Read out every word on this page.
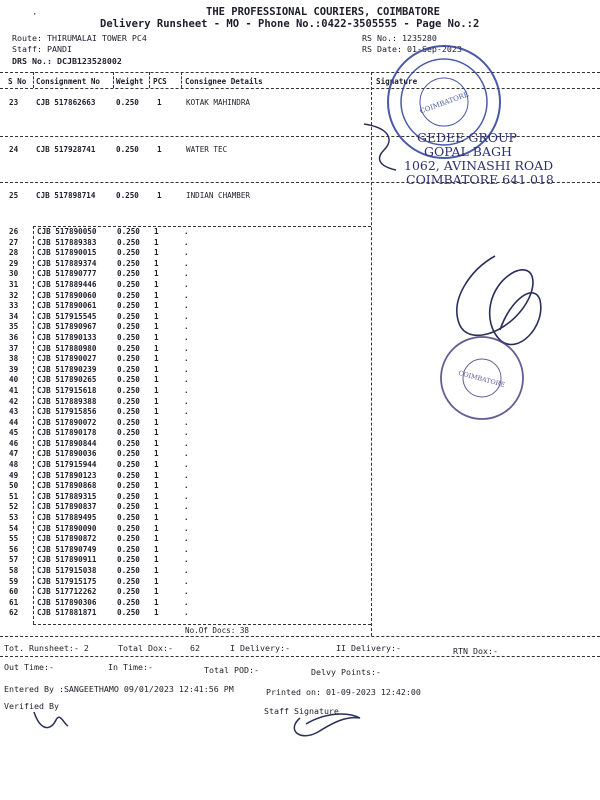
·	THE PROFESSIONAL COURIERS, COIMBATORE
Delivery Runsheet - MO - Phone No.:0422-3505555 - Page No.:2
Route: THIRUMALAI TOWER PC4
Staff: PANDI
DRS No.: DCJB123528002
RS No.: 1235280
RS Date: 01-Sep-2023
S No Consignment No Weight PCS Consignee Details	Signature
23 CJB 517862663	0.250 1	KOTAK MAHINDRA
24 CJB 517928741	0.250 1	WATER TEC
25 CJB 517898714	0.250 1	INDIAN CHAMBER
26	CJB 517890050	0.250	1	.
27	CJB 517889383	0.250	1	.
28	CJB 517890015	0.250	1	.
29	CJB 517889374	0.250	1	.
30	CJB 517890777	0.250	1	.
31	CJB 517889446	0.250	1	.
32	CJB 517890060	0.250	1	.
33	CJB 517890061	0.250	1	.
34	CJB 517915545	0.250	1	.
35	CJB 517890967	0.250	1	.
36	CJB 517890133	0.250	1	.
37	CJB 517880980	0.250	1	.
38	CJB 517890027	0.250	1	.
39	CJB 517890239	0.250	1	.
40	CJB 517890265	0.250	1	.
41	CJB 517915618	0.250	1	.
42	CJB 517889388	0.250	1	.
43	CJB 517915856	0.250	1	.
44	CJB 517890072	0.250	1	.
45	CJB 517890178	0.250	1	.
46	CJB 517890844	0.250	1	.
47	CJB 517890036	0.250	1	.
48	CJB 517915944	0.250	1	.
49	CJB 517890123	0.250	1	.
50	CJB 517890868	0.250	1	.
51	CJB 517889315	0.250	1	.
52	CJB 517890837	0.250	1	.
53	CJB 517889495	0.250	1	.
54	CJB 517890090	0.250	1	.
55	CJB 517890872	0.250	1	.
56	CJB 517890749	0.250	1	.
57	CJB 517890911	0.250	1	.
58	CJB 517915038	0.250	1	.
59	CJB 517915175	0.250	1	.
60	CJB 517712262	0.250	1	.
61	CJB 517890306	0.250	1	.
62	CJB 517881871	0.250	1	.
No.Of Docs: 38
Tot. Runsheet:- 2	Total Dox:- 62	I Delivery:-	II Delivery:-	RTN Dox:-
Out Time:-	In Time:-	Total POD:-	Delvy Points:-
Entered By :SANGEETHAMO 09/01/2023 12:41:56 PM	Printed on: 01-09-2023 12:42:00
Verified By	Staff Signature
COIMBATORE
GEDEE GROUP
GOPAL BAGH
1062, AVINASHI ROAD
COIMBATORE 641 018
COIMBATORE
